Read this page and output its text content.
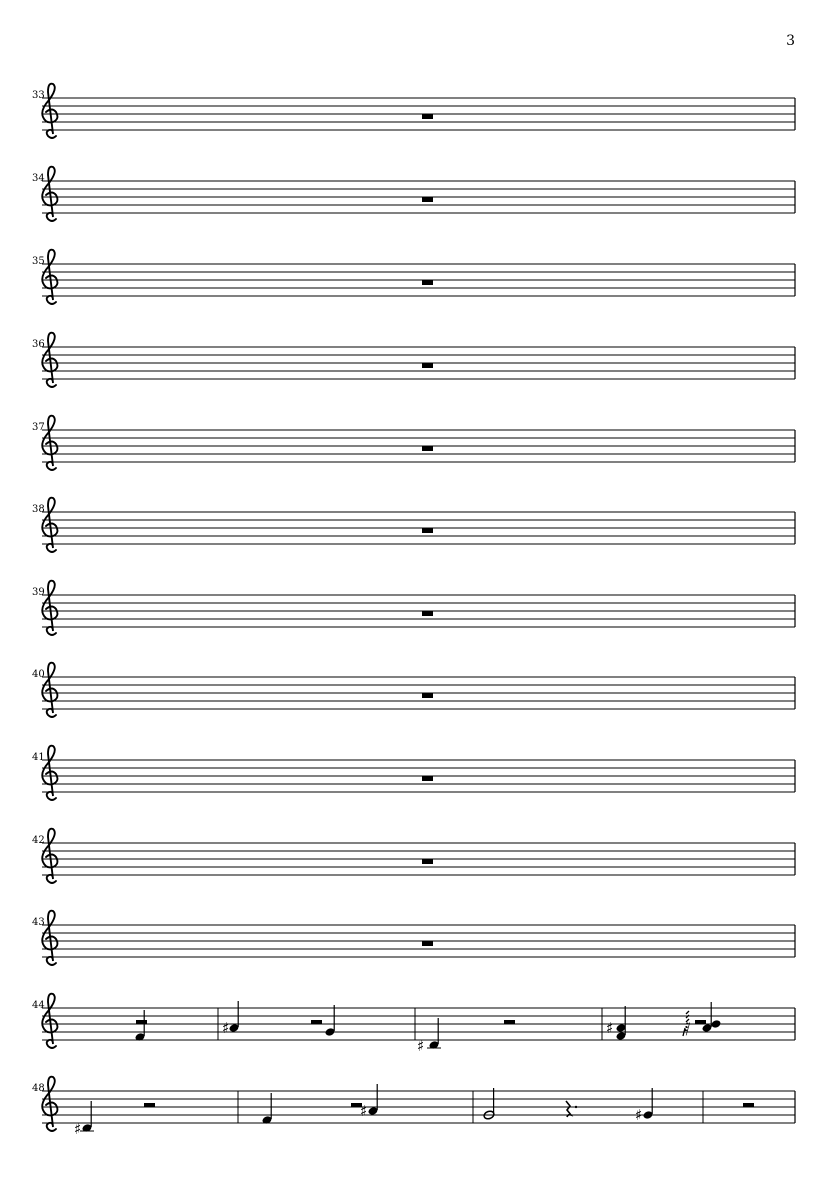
3
33
34
35
36
37
38
39
40
41
42
43
44
♯
♯
♯	𝅀
48
♯
♯	♯
